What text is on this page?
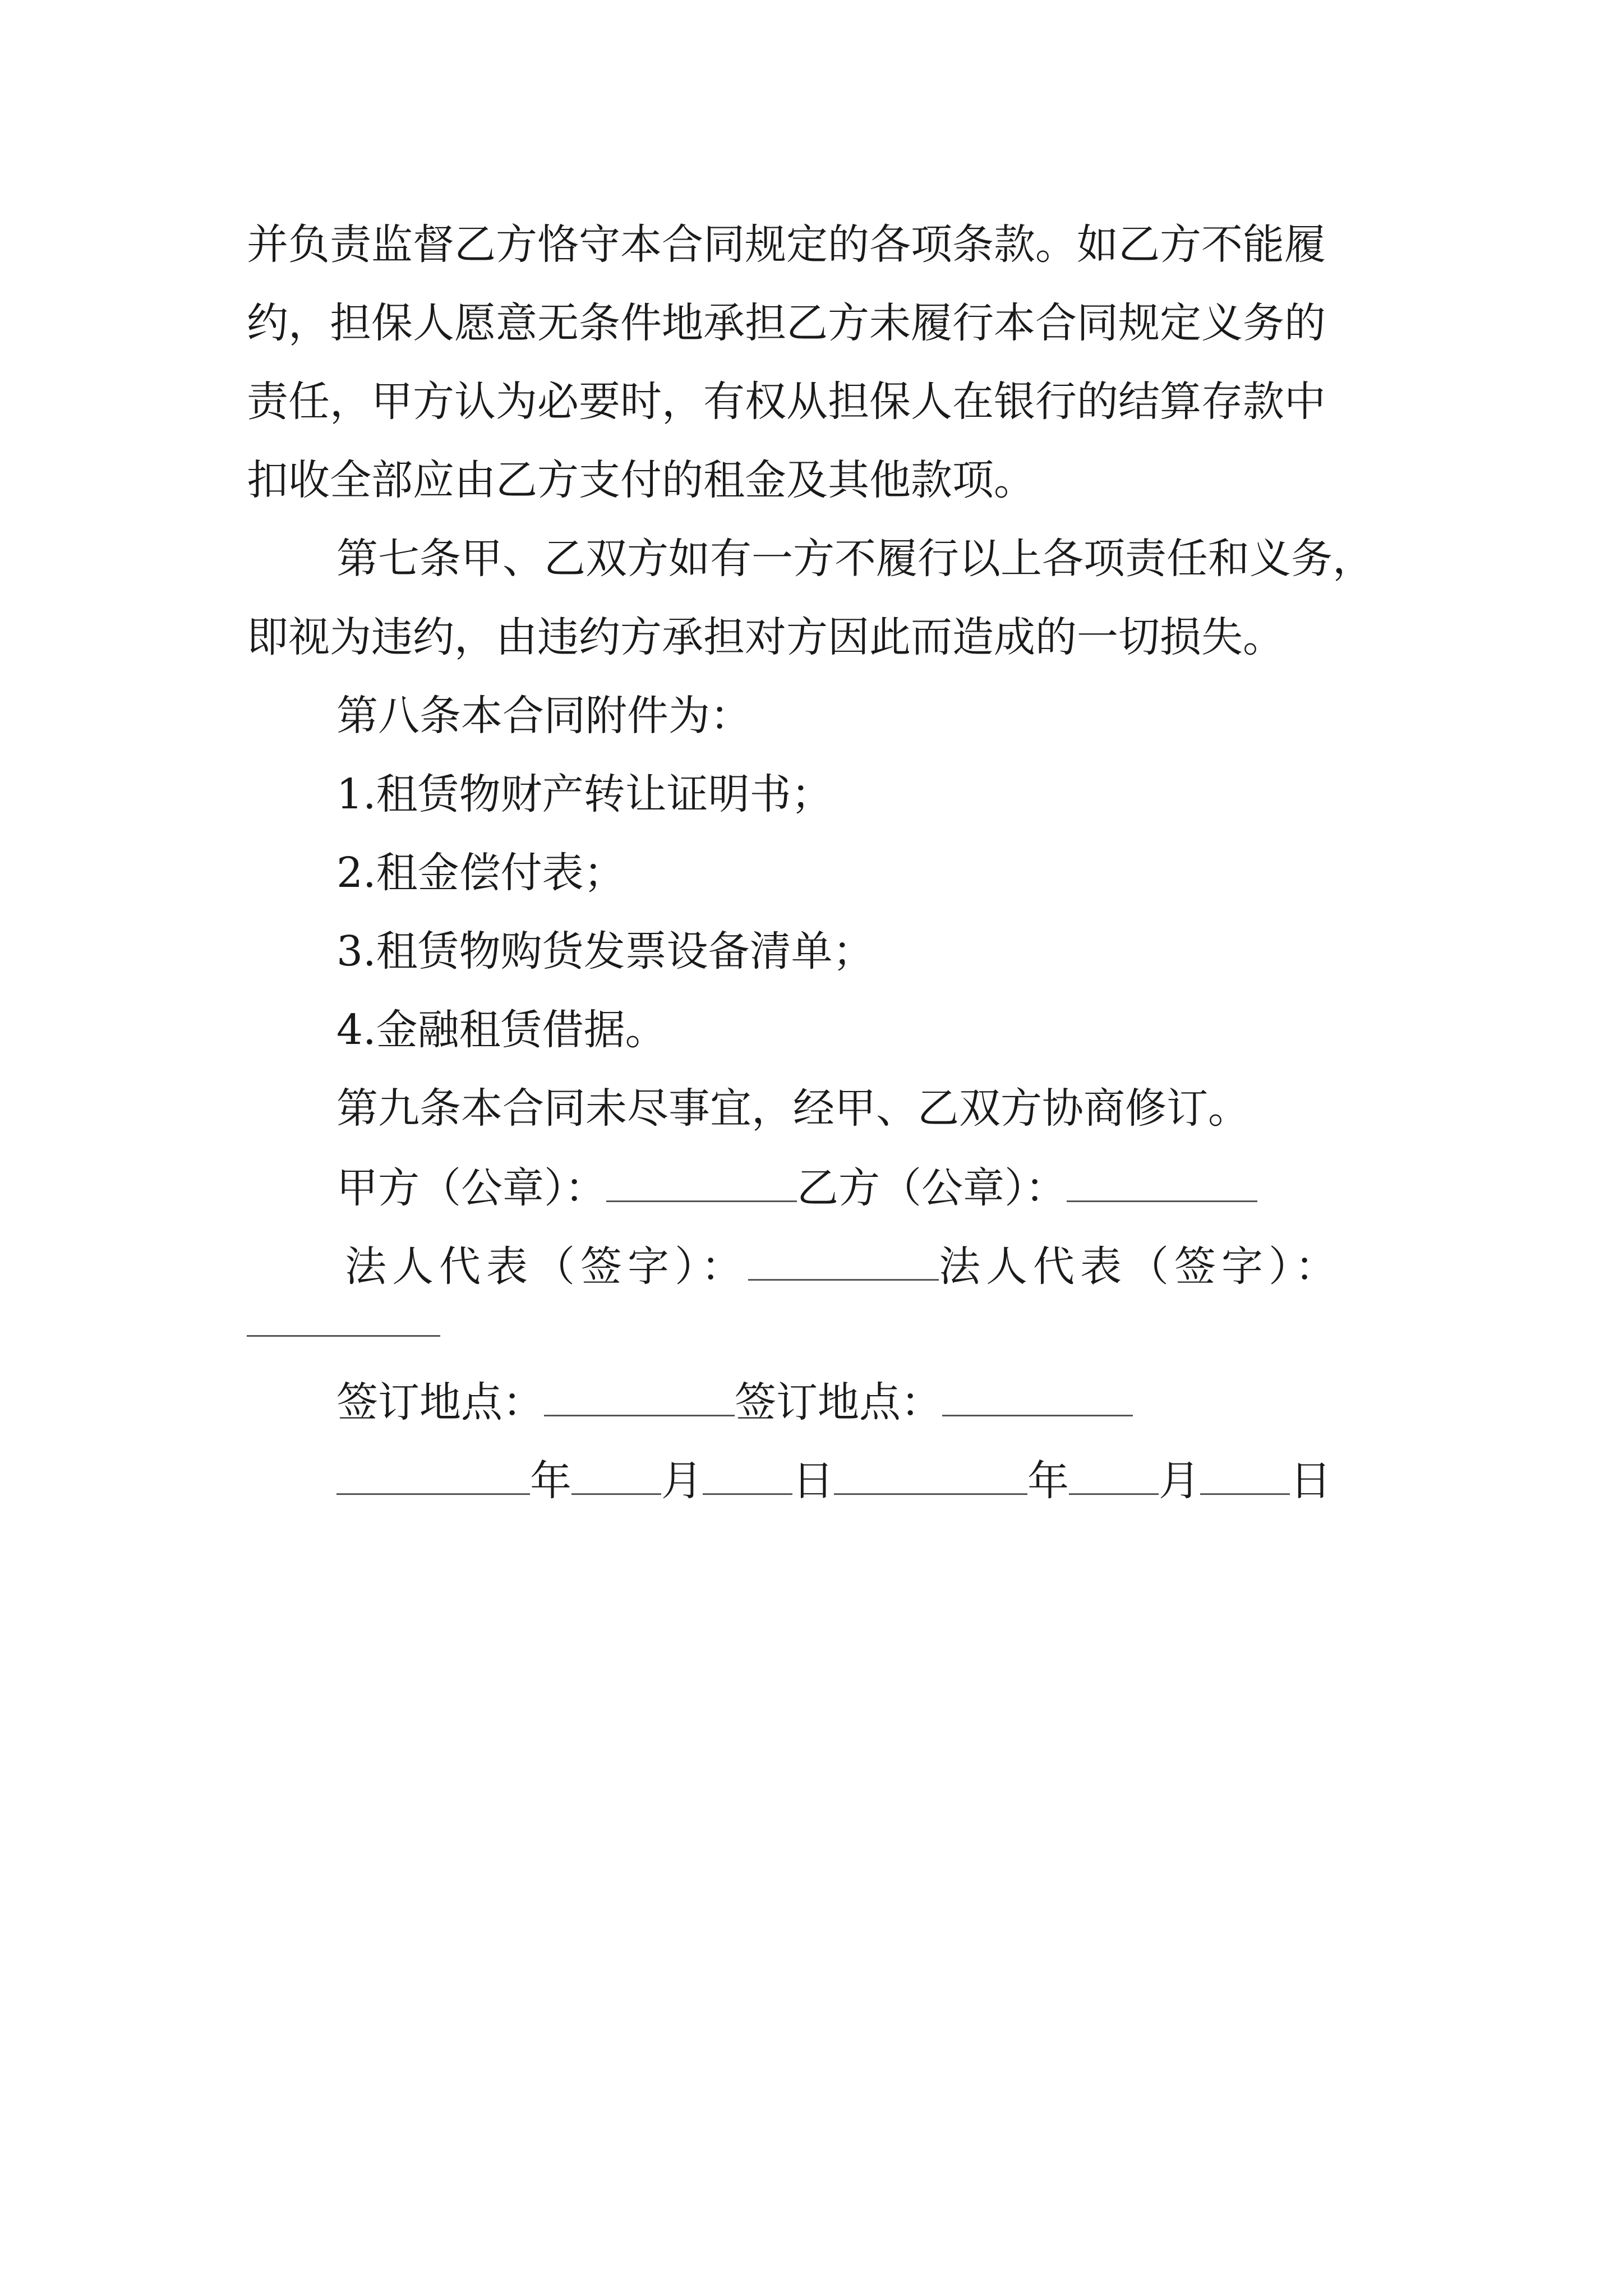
并负责监督乙方恪守本合同规定的各项条款。如乙方不能履
约，担保人愿意无条件地承担乙方未履行本合同规定义务的
责任，甲方认为必要时，有权从担保人在银行的结算存款中
扣收全部应由乙方支付的租金及其他款项。
第七条甲、乙双方如有一方不履行以上各项责任和义务，
即视为违约，由违约方承担对方因此而造成的一切损失。
第八条本合同附件为：
1.租赁物财产转让证明书；
2.租金偿付表；
3.租赁物购货发票设备清单；
4.金融租赁借据。
第九条本合同未尽事宜，经甲、乙双方协商修订。
甲方（公章）：	乙方（公章）：
法人代表（签字）：	法人代表（签字）：
签订地点：	签订地点：
年 月 日	年 月 日
